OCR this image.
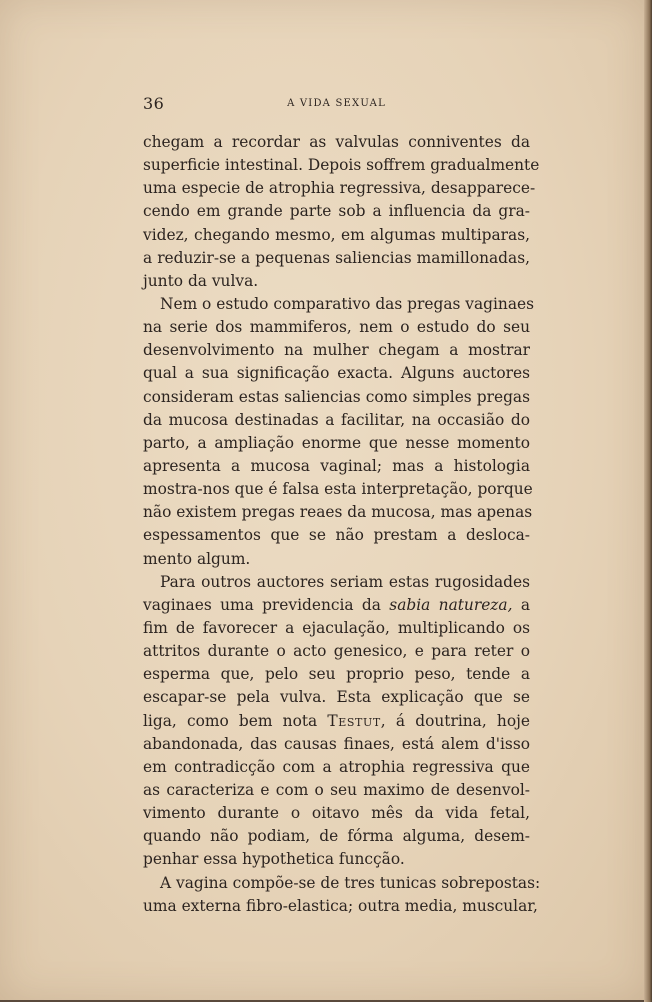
36	A VIDA SEXUAL
chegam a recordar as valvulas conniventes da
superficie intestinal. Depois soffrem gradualmente
uma especie de atrophia regressiva, desapparece-
cendo em grande parte sob a influencia da gra-
videz, chegando mesmo, em algumas multiparas,
a reduzir-se a pequenas saliencias mamillonadas,
junto da vulva.
Nem o estudo comparativo das pregas vaginaes
na serie dos mammiferos, nem o estudo do seu
desenvolvimento na mulher chegam a mostrar
qual a sua significação exacta. Alguns auctores
consideram estas saliencias como simples pregas
da mucosa destinadas a facilitar, na occasião do
parto, a ampliação enorme que nesse momento
apresenta a mucosa vaginal; mas a histologia
mostra-nos que é falsa esta interpretação, porque
não existem pregas reaes da mucosa, mas apenas
espessamentos que se não prestam a desloca-
mento algum.
Para outros auctores seriam estas rugosidades
vaginaes uma previdencia da sabia natureza, a
fim de favorecer a ejaculação, multiplicando os
attritos durante o acto genesico, e para reter o
esperma que, pelo seu proprio peso, tende a
escapar-se pela vulva. Esta explicação que se
liga, como bem nota Testut, á doutrina, hoje
abandonada, das causas finaes, está alem d'isso
em contradicção com a atrophia regressiva que
as caracteriza e com o seu maximo de desenvol-
vimento durante o oitavo mês da vida fetal,
quando não podiam, de fórma alguma, desem-
penhar essa hypothetica funcção.
A vagina compõe-se de tres tunicas sobrepostas:
uma externa fibro-elastica; outra media, muscular,
